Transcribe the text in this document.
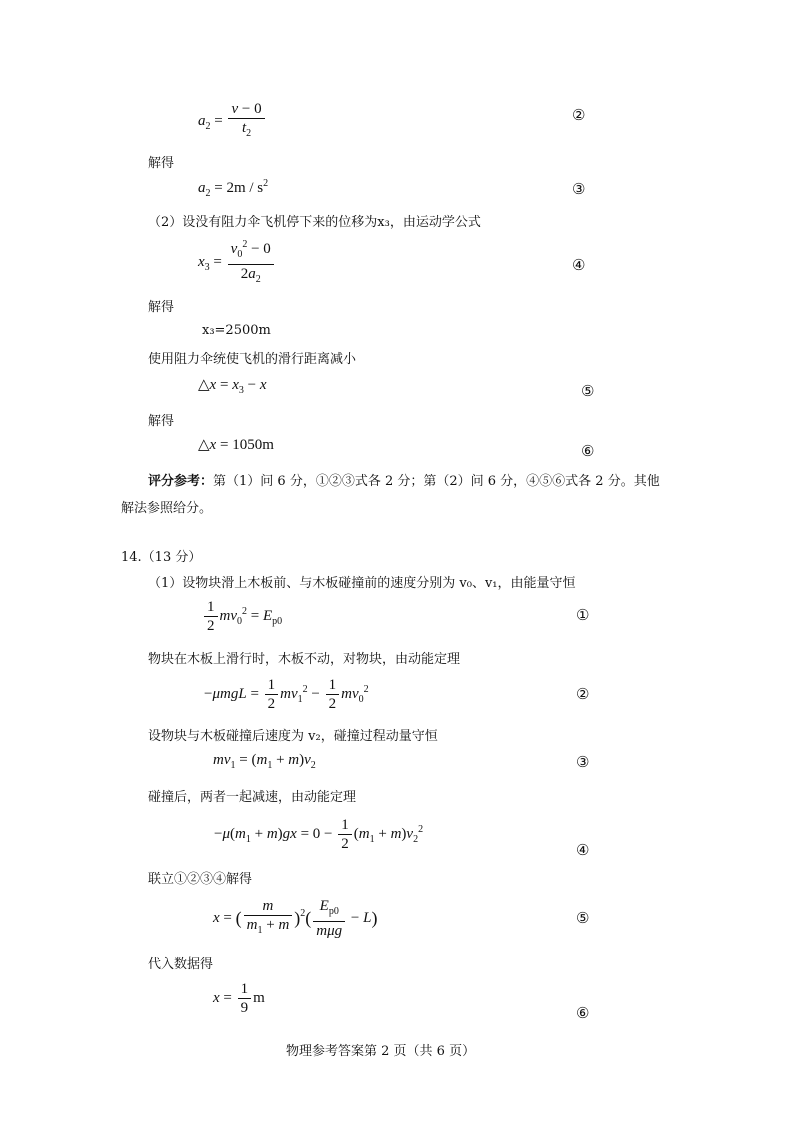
$a_2 = \frac{v - 0}{t_2}$	②
解得
$a_2 = 2m / s^2$	③
（2）设没有阻力伞飞机停下来的位移为x₃，由运动学公式
$x_3 = \frac{v_0^2 - 0}{2a_2}$	④
解得
x₃=2500m
使用阻力伞统使飞机的滑行距离减小
△x = $x_3 - x$	⑤
解得
△x = 1050m	⑥
评分参考：第（1）问 6 分，①②③式各 2 分；第（2）问 6 分，④⑤⑥式各 2 分。其他
解法参照给分。
14.（13 分）
（1）设物块滑上木板前、与木板碰撞前的速度分别为 v₀、v₁，由能量守恒
$\frac{1}{2} mv_0^2 = E_{p0}$	①
物块在木板上滑行时，木板不动，对物块，由动能定理
$-\mu mgL = \frac{1}{2} mv_1^2 - \frac{1}{2} mv_0^2$	②
设物块与木板碰撞后速度为 v₂，碰撞过程动量守恒
$mv_1 = (m_1 + m)v_2$	③
碰撞后，两者一起减速，由动能定理
$-\mu(m_1 + m)gx = 0 - \frac{1}{2} (m_1 + m)v_2^2$
④
联立①②③④解得
x = ( $\frac{m}{m_1 + m} )^2( \frac{E_{p0}}{\text{mμg}} - L)$	⑤
代入数据得
$x = \frac{1}{9}$ m
⑥
物理参考答案第 2 页（共 6 页）
